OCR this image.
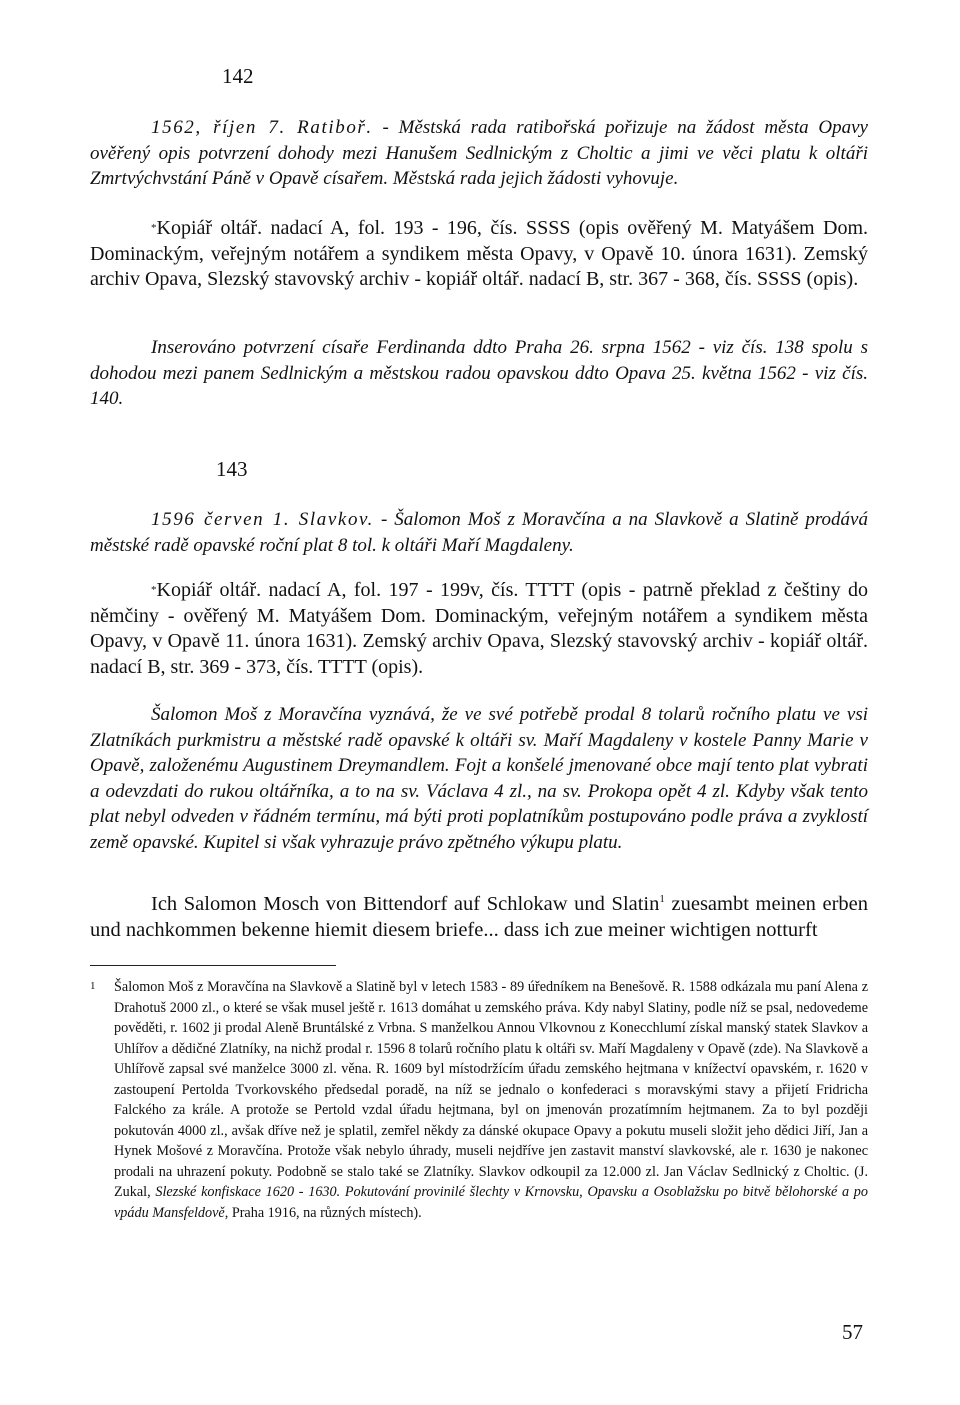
142
1562, říjen 7. Ratiboř. - Městská rada ratibořská pořizuje na žádost města Opavy ověřený opis potvrzení dohody mezi Hanušem Sedlnickým z Choltic a jimi ve věci platu k oltáři Zmrtvýchvstání Páně v Opavě císařem. Městská rada jejich žádosti vyhovuje.
*Kopiář oltář. nadací A, fol. 193 - 196, čís. SSSS (opis ověřený M. Matyášem Dom. Dominackým, veřejným notářem a syndikem města Opavy, v Opavě 10. února 1631). Zemský archiv Opava, Slezský stavovský archiv - kopiář oltář. nadací B, str. 367 - 368, čís. SSSS (opis).
Inserováno potvrzení císaře Ferdinanda ddto Praha 26. srpna 1562 - viz čís. 138 spolu s dohodou mezi panem Sedlnickým a městskou radou opavskou ddto Opava 25. května 1562 - viz čís. 140.
143
1596 červen 1. Slavkov. - Šalomon Moš z Moravčína a na Slavkově a Slatině prodává městské radě opavské roční plat 8 tol. k oltáři Maří Magdaleny.
*Kopiář oltář. nadací A, fol. 197 - 199v, čís. TTTT (opis - patrně překlad z češtiny do němčiny - ověřený M. Matyášem Dom. Dominackým, veřejným notářem a syndikem města Opavy, v Opavě 11. února 1631). Zemský archiv Opava, Slezský stavovský archiv - kopiář oltář. nadací B, str. 369 - 373, čís. TTTT (opis).
Šalomon Moš z Moravčína vyznává, že ve své potřebě prodal 8 tolarů ročního platu ve vsi Zlatníkách purkmistru a městské radě opavské k oltáři sv. Maří Magdaleny v kostele Panny Marie v Opavě, založenému Augustinem Dreymandlem. Fojt a konšelé jmenované obce mají tento plat vybrati a odevzdati do rukou oltářníka, a to na sv. Václava 4 zl., na sv. Prokopa opět 4 zl. Kdyby však tento plat nebyl odveden v řádném termínu, má býti proti poplatníkům postupováno podle práva a zvyklostí země opavské. Kupitel si však vyhrazuje právo zpětného výkupu platu.
Ich Salomon Mosch von Bittendorf auf Schlokaw und Slatin$^1$ zuesambt meinen erben und nachkommen bekenne hiemit diesem briefe... dass ich zue meiner wichtigen notturft
1	Šalomon Moš z Moravčína na Slavkově a Slatině byl v letech 1583 - 89 úředníkem na Benešově. R. 1588 odkázala mu paní Alena z Drahotuš 2000 zl., o které se však musel ještě r. 1613 domáhat u zemského práva. Kdy nabyl Slatiny, podle níž se psal, nedovedeme pověděti, r. 1602 ji prodal Aleně Bruntálské z Vrbna. S manželkou Annou Vlkovnou z Konecchlumí získal manský statek Slavkov a Uhlířov a dědičné Zlatníky, na nichž prodal r. 1596 8 tolarů ročního platu k oltáři sv. Maří Magdaleny v Opavě (zde). Na Slavkově a Uhlířově zapsal své manželce 3000 zl. věna. R. 1609 byl místodržícím úřadu zemského hejtmana v knížectví opavském, r. 1620 v zastoupení Pertolda Tvorkovského předsedal poradě, na níž se jednalo o konfederaci s moravskými stavy a přijetí Fridricha Falckého za krále. A protože se Pertold vzdal úřadu hejtmana, byl on jmenován prozatímním hejtmanem. Za to byl později pokutován 4000 zl., avšak dříve než je splatil, zemřel někdy za dánské okupace Opavy a pokutu museli složit jeho dědici Jiří, Jan a Hynek Mošové z Moravčína. Protože však nebylo úhrady, museli nejdříve jen zastavit manství slavkovské, ale r. 1630 je nakonec prodali na uhrazení pokuty. Podobně se stalo také se Zlatníky. Slavkov odkoupil za 12.000 zl. Jan Václav Sedlnický z Choltic. (J. Zukal, Slezské konfiskace 1620 - 1630. Pokutování provinilé šlechty v Krnovsku, Opavsku a Osoblažsku po bitvě bělohorské a po vpádu Mansfeldově, Praha 1916, na různých místech).
57
